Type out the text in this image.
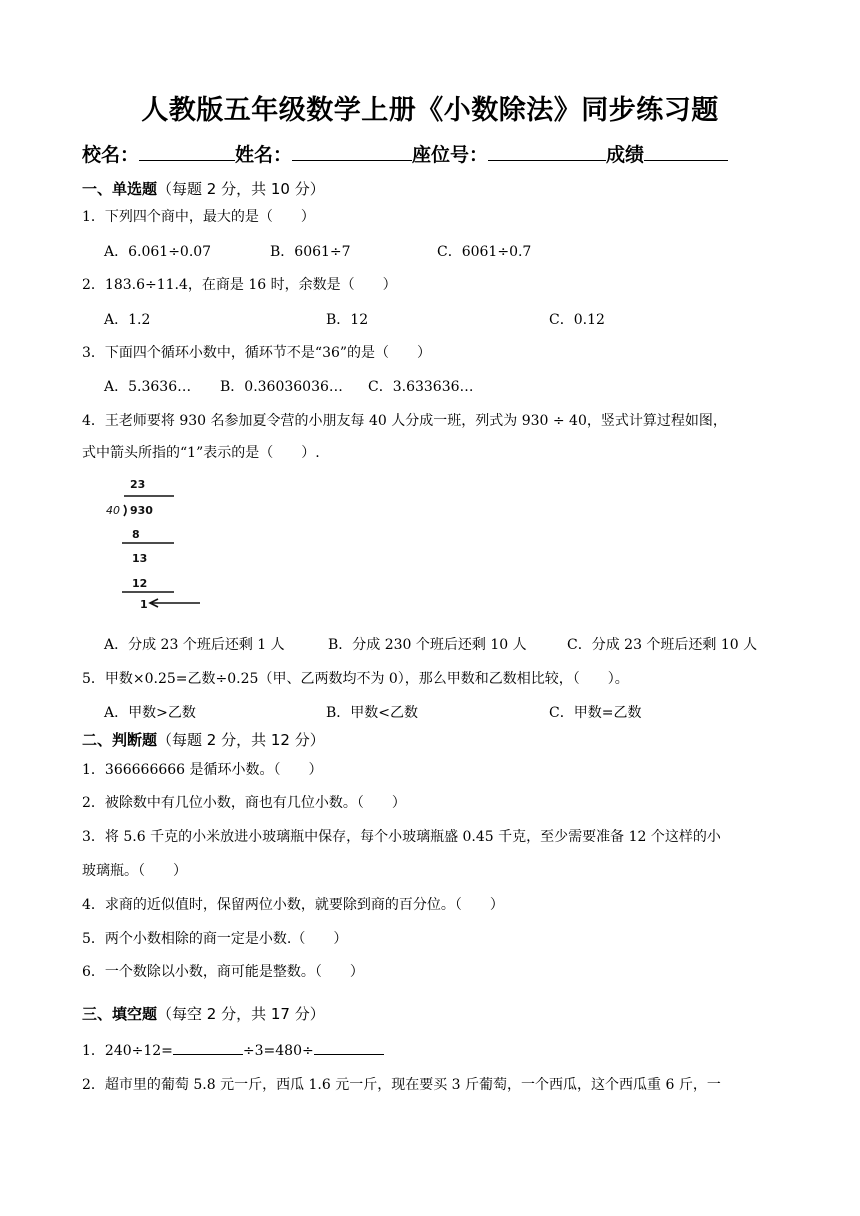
人教版五年级数学上册《小数除法》同步练习题
校名：	姓名：	座位号：	成绩
一、单选题（每题 2 分，共 10 分）
1．下列四个商中，最大的是（　　）
A．6.061÷0.07	B．6061÷7	C．6061÷0.7
2．183.6÷11.4，在商是 16 时，余数是（　　）
A．1.2	B．12	C．0.12
3．下面四个循环小数中，循环节不是“36”的是（　　）
A．5.3636… B．0.36036036… C．3.633636…
4．王老师要将 930 名参加夏令营的小朋友每 40 人分成一班，列式为 930 ÷ 40，竖式计算过程如图，
式中箭头所指的“1”表示的是（　　）.
23
40 930
8
13
12
1
A．分成 23 个班后还剩 1 人	B．分成 230 个班后还剩 10 人	C．分成 23 个班后还剩 10 人
5．甲数×0.25=乙数÷0.25（甲、乙两数均不为 0），那么甲数和乙数相比较，（　　）。
A．甲数>乙数	B．甲数<乙数	C．甲数=乙数
二、判断题（每题 2 分，共 12 分）
1．366666666 是循环小数。（　　）
2．被除数中有几位小数，商也有几位小数。（　　）
3．将 5.6 千克的小米放进小玻璃瓶中保存，每个小玻璃瓶盛 0.45 千克，至少需要准备 12 个这样的小
玻璃瓶。（　　）
4．求商的近似值时，保留两位小数，就要除到商的百分位。（　　）
5．两个小数相除的商一定是小数.（　　）
6．一个数除以小数，商可能是整数。（　　）
三、填空题（每空 2 分，共 17 分）
1．240÷12=	÷3=480÷
2．超市里的葡萄 5.8 元一斤，西瓜 1.6 元一斤，现在要买 3 斤葡萄，一个西瓜，这个西瓜重 6 斤，一
